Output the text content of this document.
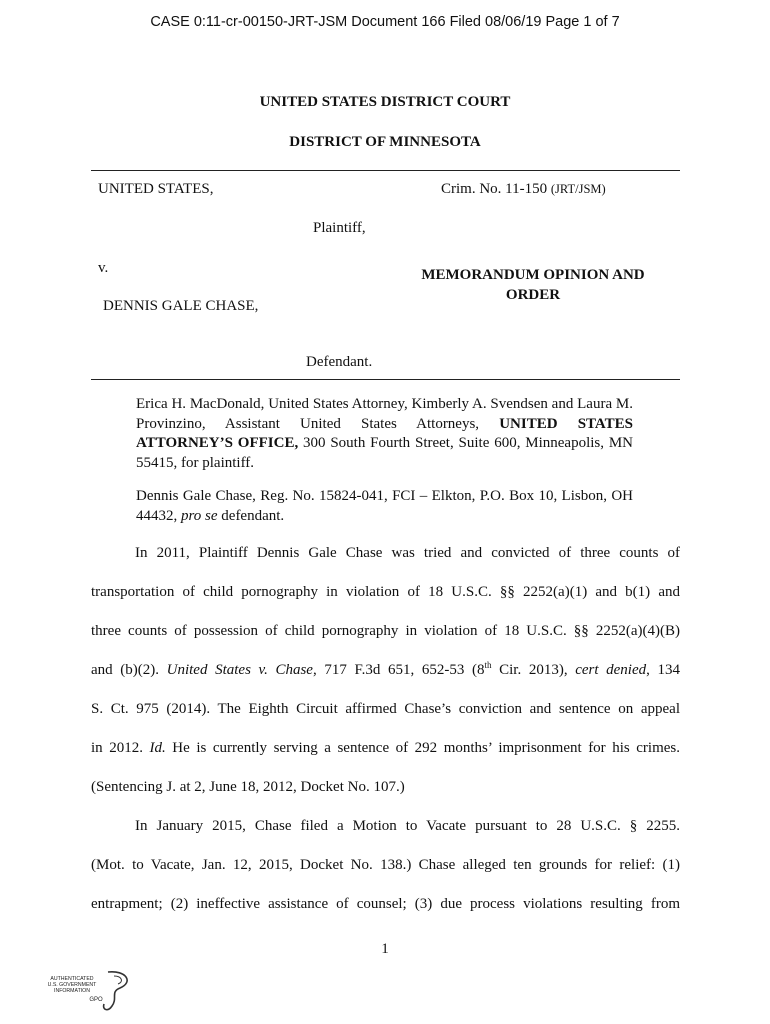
CASE 0:11-cr-00150-JRT-JSM Document 166 Filed 08/06/19 Page 1 of 7
UNITED STATES DISTRICT COURT
DISTRICT OF MINNESOTA
UNITED STATES,	Crim. No. 11-150 (JRT/JSM)
Plaintiff,
v.	MEMORANDUM OPINION AND
ORDER
DENNIS GALE CHASE,
Defendant.
Erica H. MacDonald, United States Attorney, Kimberly A. Svendsen and Laura M. Provinzino, Assistant United States Attorneys, UNITED STATES ATTORNEY’S OFFICE, 300 South Fourth Street, Suite 600, Minneapolis, MN 55415, for plaintiff.
Dennis Gale Chase, Reg. No. 15824-041, FCI – Elkton, P.O. Box 10, Lisbon, OH 44432, pro se defendant.
In 2011, Plaintiff Dennis Gale Chase was tried and convicted of three counts of
transportation of child pornography in violation of 18 U.S.C. §§ 2252(a)(1) and b(1) and
three counts of possession of child pornography in violation of 18 U.S.C. §§ 2252(a)(4)(B)
and (b)(2). United States v. Chase, 717 F.3d 651, 652-53 (8th Cir. 2013), cert denied, 134
S. Ct. 975 (2014). The Eighth Circuit affirmed Chase’s conviction and sentence on appeal
in 2012. Id. He is currently serving a sentence of 292 months’ imprisonment for his crimes.
(Sentencing J. at 2, June 18, 2012, Docket No. 107.)
In January 2015, Chase filed a Motion to Vacate pursuant to 28 U.S.C. § 2255.
(Mot. to Vacate, Jan. 12, 2015, Docket No. 138.) Chase alleged ten grounds for relief: (1)
entrapment; (2) ineffective assistance of counsel; (3) due process violations resulting from
1
AUTHENTICATED
U.S. GOVERNMENT
INFORMATION
GPO
